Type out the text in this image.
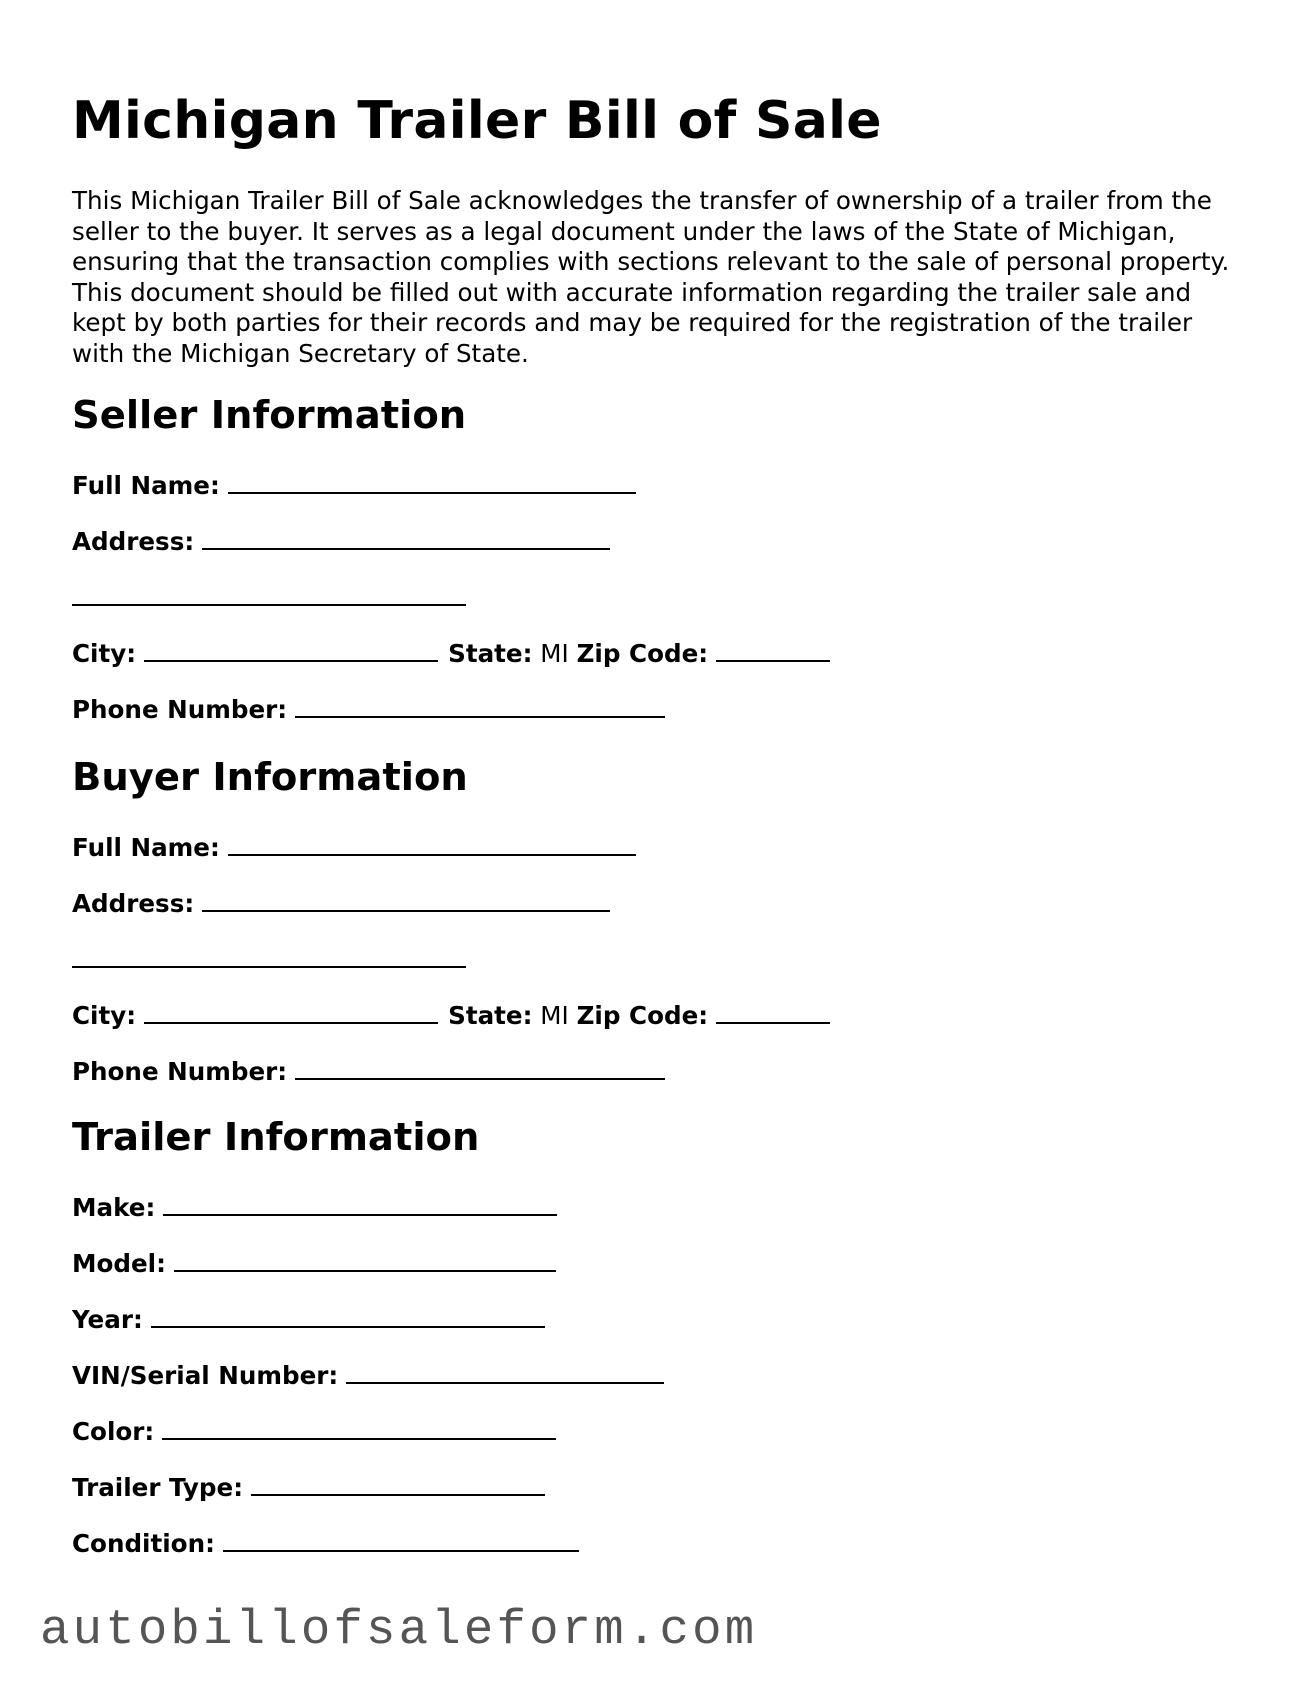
Michigan Trailer Bill of Sale

This Michigan Trailer Bill of Sale acknowledges the transfer of ownership of a trailer from the seller to the buyer. It serves as a legal document under the laws of the State of Michigan, ensuring that the transaction complies with sections relevant to the sale of personal property. This document should be filled out with accurate information regarding the trailer sale and kept by both parties for their records and may be required for the registration of the trailer with the Michigan Secretary of State.

Seller Information
Full Name:
Address:
City:	State: MI Zip Code:
Phone Number:
Buyer Information
Full Name:
Address:
City:	State: MI Zip Code:
Phone Number:
Trailer Information
Make:
Model:
Year:
VIN/Serial Number:
Color:
Trailer Type:
Condition:
autobillofsaleform.com
